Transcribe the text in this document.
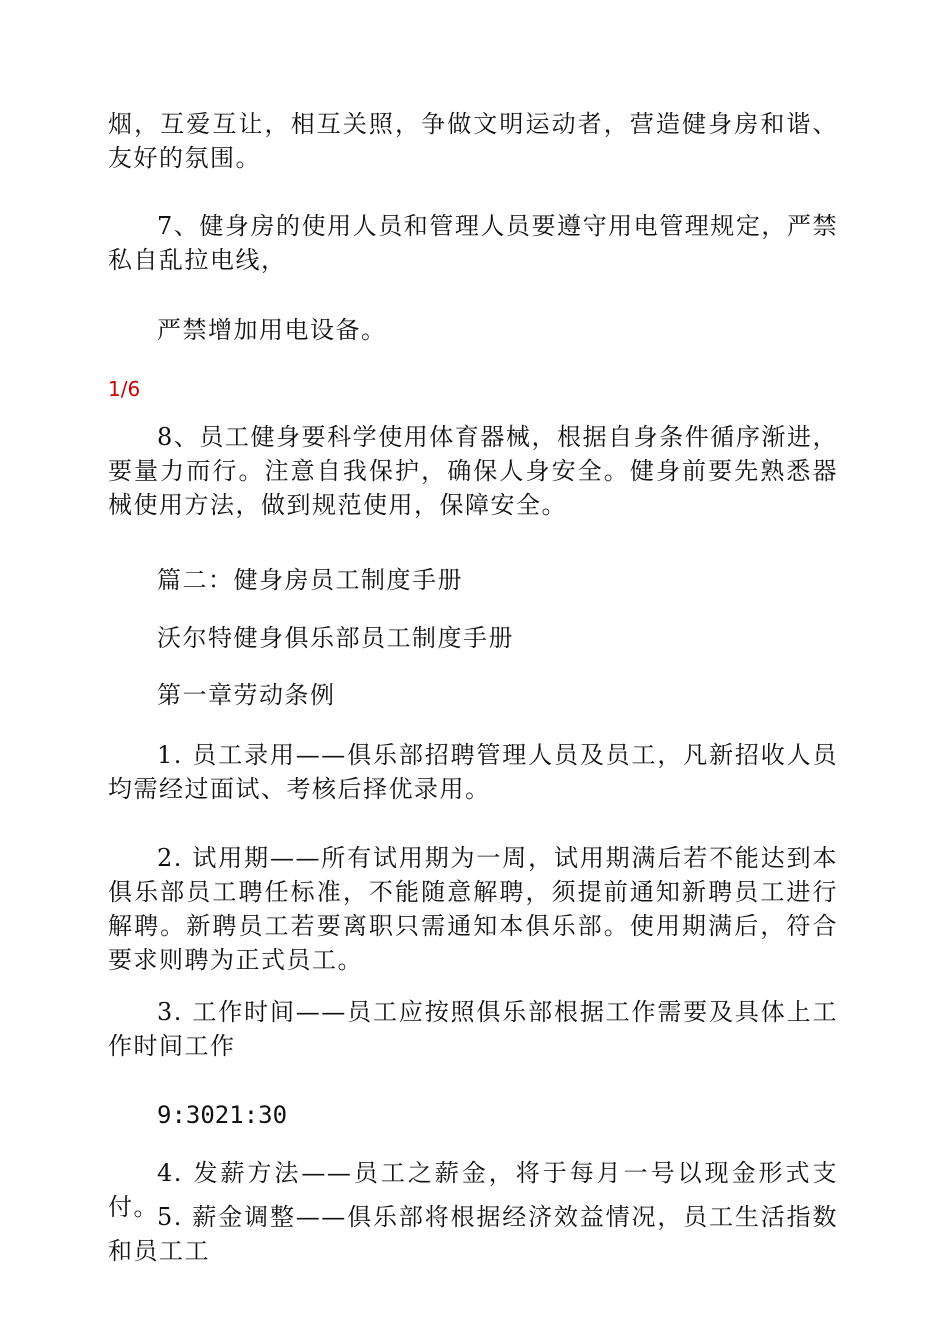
烟，互爱互让，相互关照，争做文明运动者，营造健身房和谐、友好的氛围。

7、健身房的使用人员和管理人员要遵守用电管理规定，严禁私自乱拉电线，

严禁增加用电设备。

1/6

8、员工健身要科学使用体育器械，根据自身条件循序渐进，要量力而行。注意自我保护，确保人身安全。健身前要先熟悉器械使用方法，做到规范使用，保障安全。

篇二：健身房员工制度手册

沃尔特健身俱乐部员工制度手册

第一章劳动条例

1. 员工录用——俱乐部招聘管理人员及员工，凡新招收人员均需经过面试、考核后择优录用。

2. 试用期——所有试用期为一周，试用期满后若不能达到本俱乐部员工聘任标准，不能随意解聘，须提前通知新聘员工进行解聘。新聘员工若要离职只需通知本俱乐部。使用期满后，符合要求则聘为正式员工。

3. 工作时间——员工应按照俱乐部根据工作需要及具体上工作时间工作

9:3021:30

4. 发薪方法——员工之薪金，将于每月一号以现金形式支付。

5. 薪金调整——俱乐部将根据经济效益情况，员工生活指数和员工工
